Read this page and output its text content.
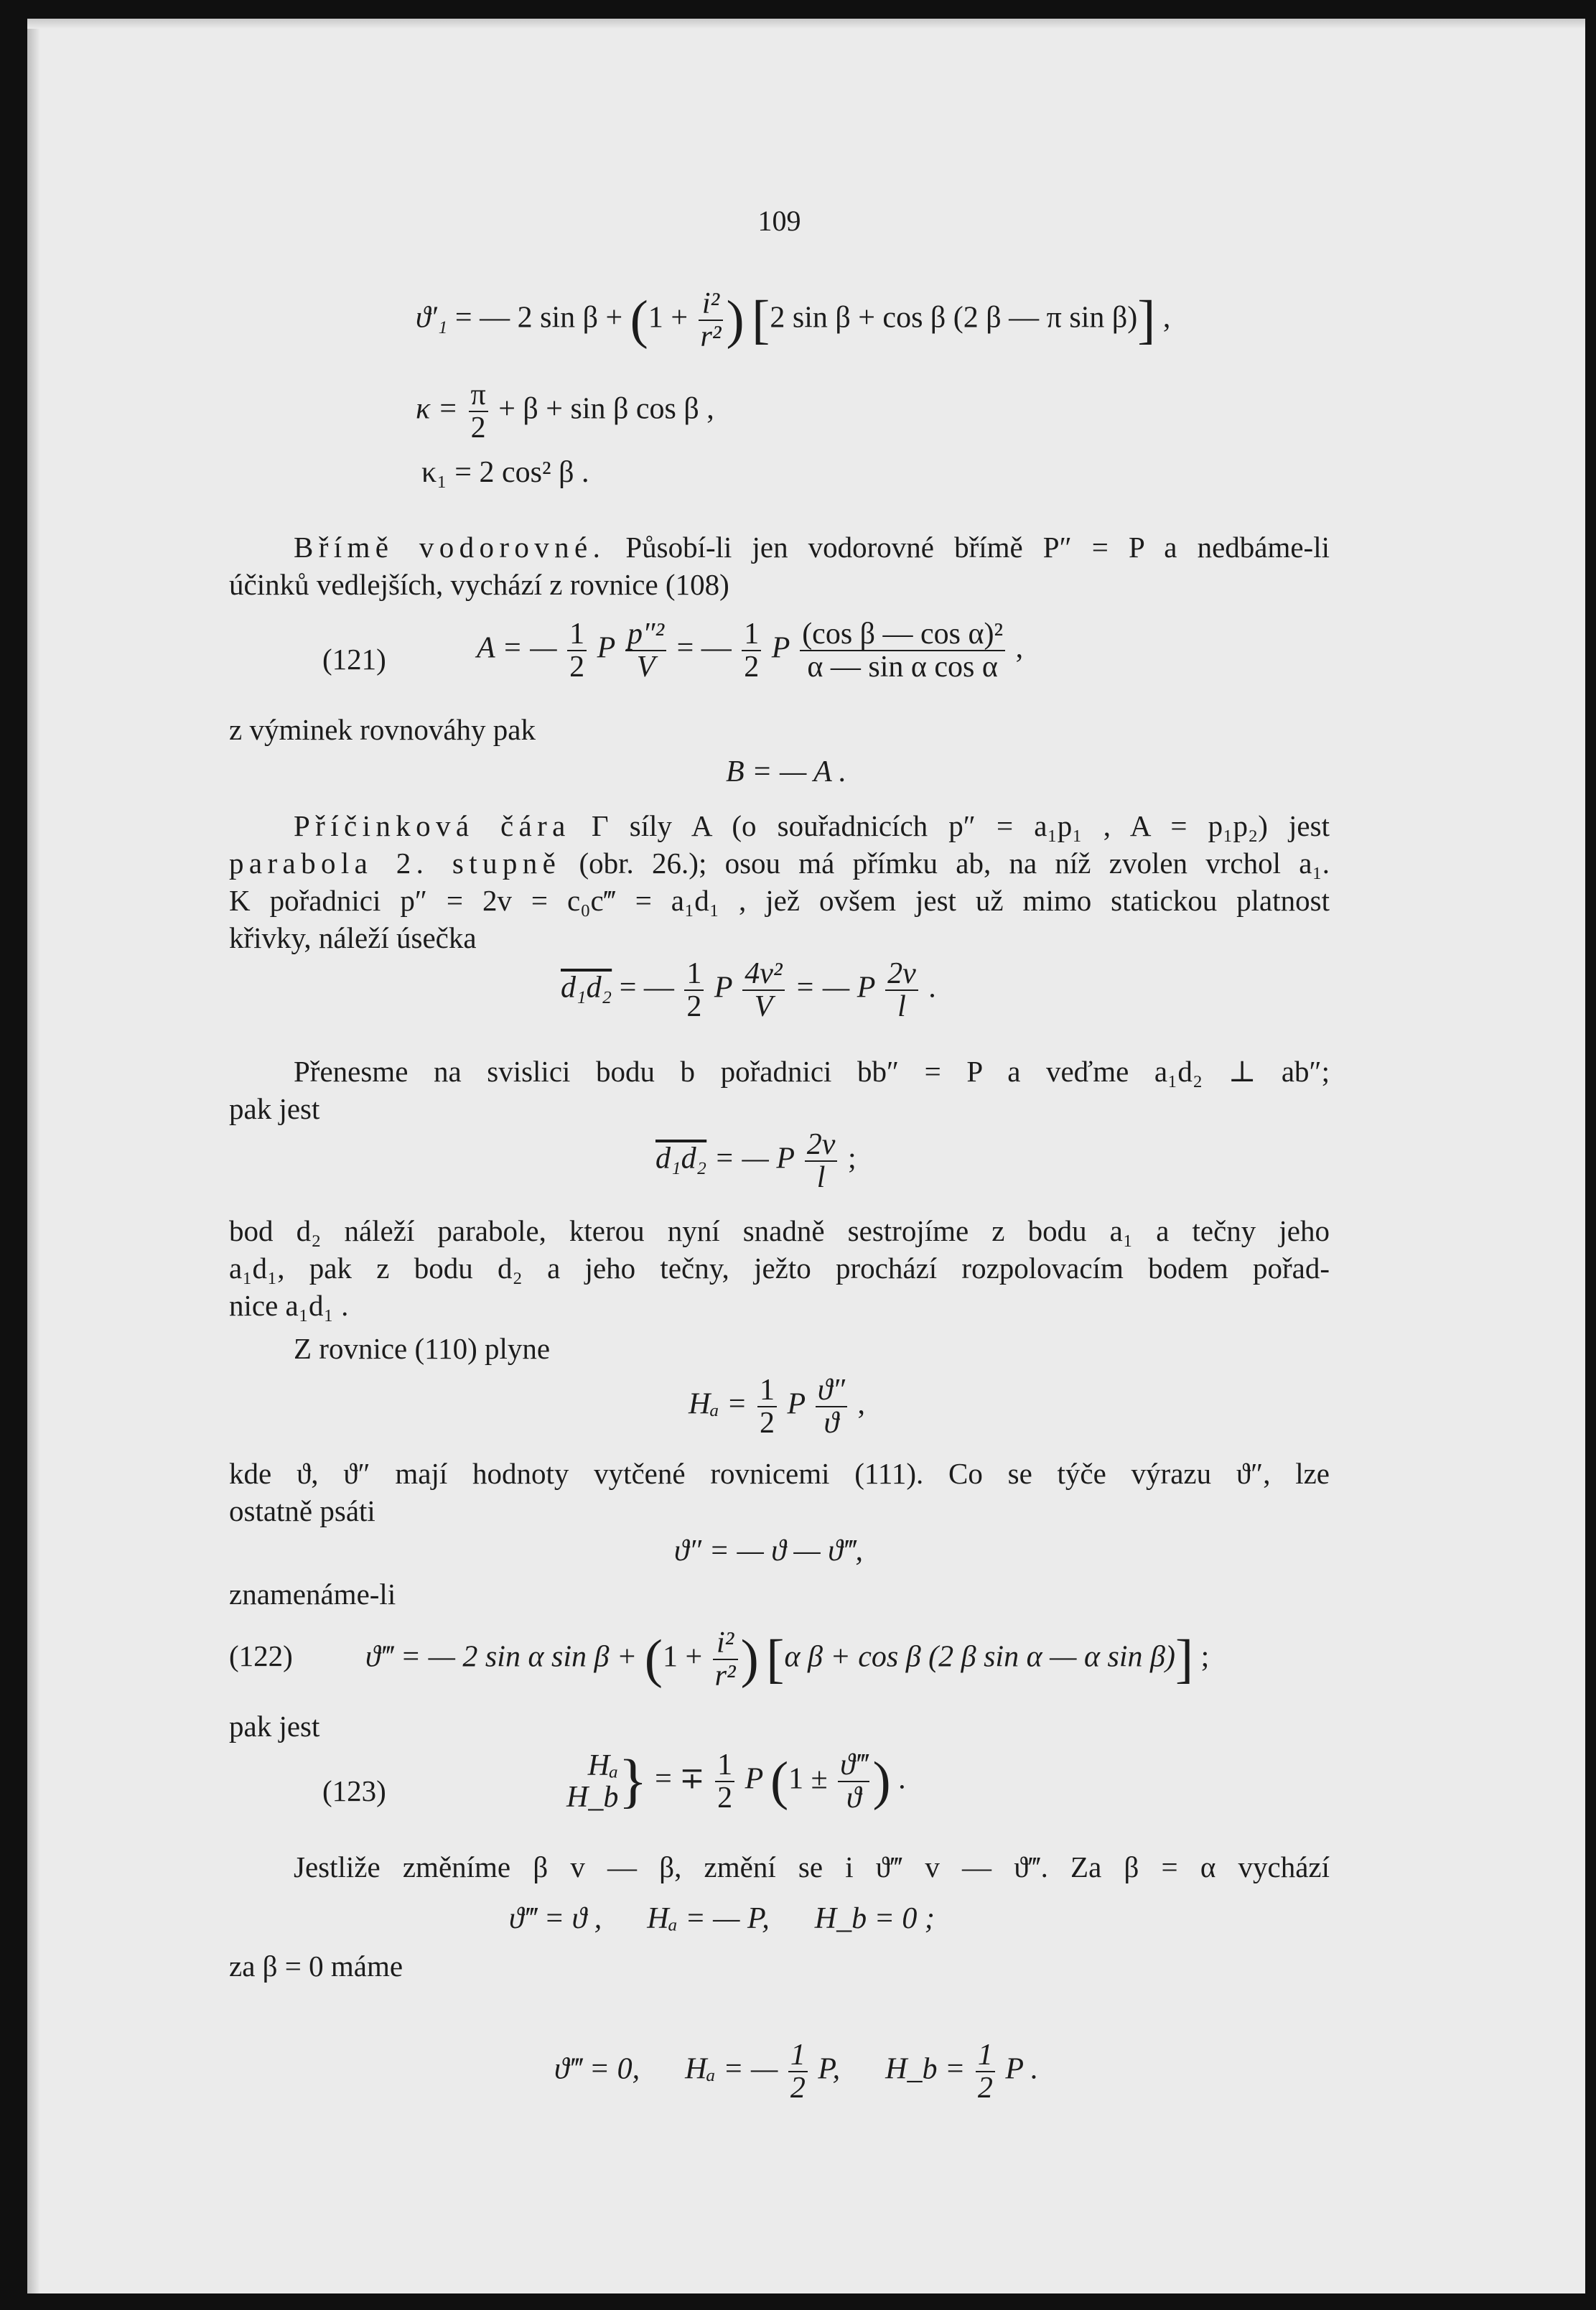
109
ϑ′₁ = — 2 $\sin \beta + (1 + \frac{\text{i²}}{\text{r²}}$ ) [2 sin β + cos β (2 β — π sin β)] ,
$\kappa = \frac{\pi}{2} + \beta + \sin \beta$ cos β ,
κ₁ = 2 cos² β .
Břímě vodorovné. Působí-li jen vodorovné břímě P″ = P a nedbáme-li
účinků vedlejších, vychází z rovnice (108)
(121)	A = — $\frac{1}{2}$ P $\frac{\text{p″²}}{V}$ = — $\frac{1}{2}$ P $\frac{\text{(cos β — cos α)²}}{\text{α — sin α cos α}}$ ,
z výminek rovnováhy pak
B = — A .
Příčinková čára Γ síly A (o souřadnicích p″ = a₁p₁ , A = p₁p₂) jest
parabola 2. stupně (obr. 26.); osou má přímku ab, na níž zvolen vrchol a₁.
K pořadnici p″ = 2v = c₀c‴ = a₁d₁ , jež ovšem jest už mimo statickou platnost
křivky, náleží úsečka
d₁d₂ = — $\frac{1}{2}$ P $\frac{\text{4v²}}{V}$ = — P $\frac{2v}{l}$ .
Přenesme na svislici bodu b pořadnici bb″ = P a veďme a₁d₂ ⊥ ab″;
pak jest
d₁d₂ = — P $\frac{2v}{l}$ ;
bod d₂ náleží parabole, kterou nyní snadně sestrojíme z bodu a₁ a tečny jeho
a₁d₁, pak z bodu d₂ a jeho tečny, ježto prochází rozpolovacím bodem pořad-
nice a₁d₁ .
Z rovnice (110) plyne
$H_a = \frac{1}{2}$ P $\frac{ϑ''}{ϑ}$ ,
kde ϑ, ϑ″ mají hodnoty vytčené rovnicemi (111). Co se týče výrazu ϑ″, lze
ostatně psáti
ϑ″ = — ϑ — ϑ‴,
znamenáme-li
(122) ϑ‴ = — 2 sin α $\sin \beta + (1 + \frac{\text{i²}}{\text{r²}}$ ) [α β + cos β (2 β sin α — α sin β)] ;
pak jest
(123)
Hₐ
H_b } = ∓ $\frac{1}{2}$ P ($1 \pm \frac{ϑ‴}{ϑ}$ ) .
Jestliže změníme β v — β, změní se i ϑ‴ v — ϑ‴. Za β = α vychází
ϑ‴ = ϑ ,      Hₐ = — P,      H_b = 0 ;
za β = 0 máme

ϑ‴ = 0,      Hₐ = — $\frac{1}{2} P$,      H_b = $\frac{1}{2}$ P .
